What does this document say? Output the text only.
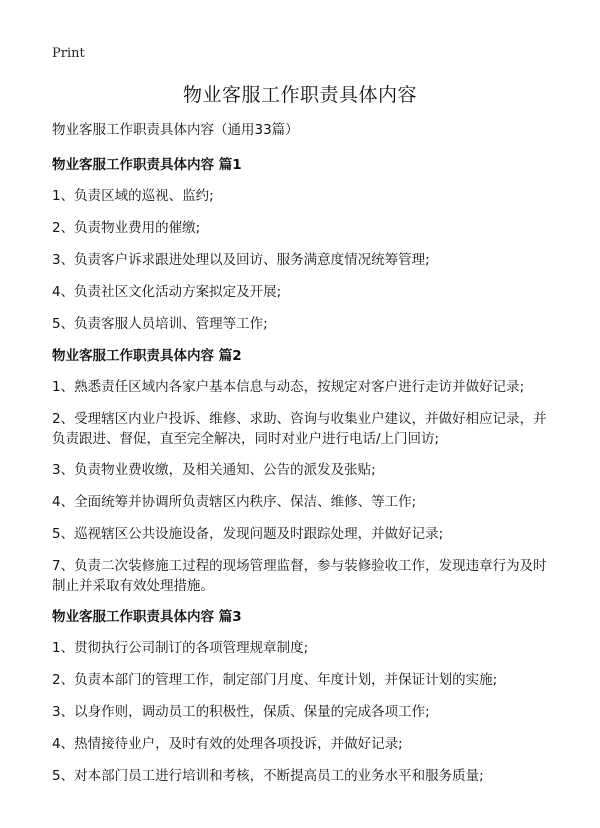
Print
物业客服工作职责具体内容

物业客服工作职责具体内容（通用33篇）

物业客服工作职责具体内容 篇1

1、负责区域的巡视、监约;

2、负责物业费用的催缴;

3、负责客户诉求跟进处理以及回访、服务满意度情况统筹管理;

4、负责社区文化活动方案拟定及开展;

5、负责客服人员培训、管理等工作;

物业客服工作职责具体内容 篇2

1、熟悉责任区域内各家户基本信息与动态，按规定对客户进行走访并做好记录;

2、受理辖区内业户投诉、维修、求助、咨询与收集业户建议，并做好相应记录，并负责跟进、督促，直至完全解决，同时对业户进行电话/上门回访;

3、负责物业费收缴，及相关通知、公告的派发及张贴;

4、全面统筹并协调所负责辖区内秩序、保洁、维修、等工作;

5、巡视辖区公共设施设备，发现问题及时跟踪处理，并做好记录;

7、负责二次装修施工过程的现场管理监督，参与装修验收工作，发现违章行为及时制止并采取有效处理措施。

物业客服工作职责具体内容 篇3

1、贯彻执行公司制订的各项管理规章制度;

2、负责本部门的管理工作，制定部门月度、年度计划，并保证计划的实施;

3、以身作则，调动员工的积极性，保质、保量的完成各项工作;

4、热情接待业户，及时有效的处理各项投诉，并做好记录;

5、对本部门员工进行培训和考核，不断提高员工的业务水平和服务质量;
